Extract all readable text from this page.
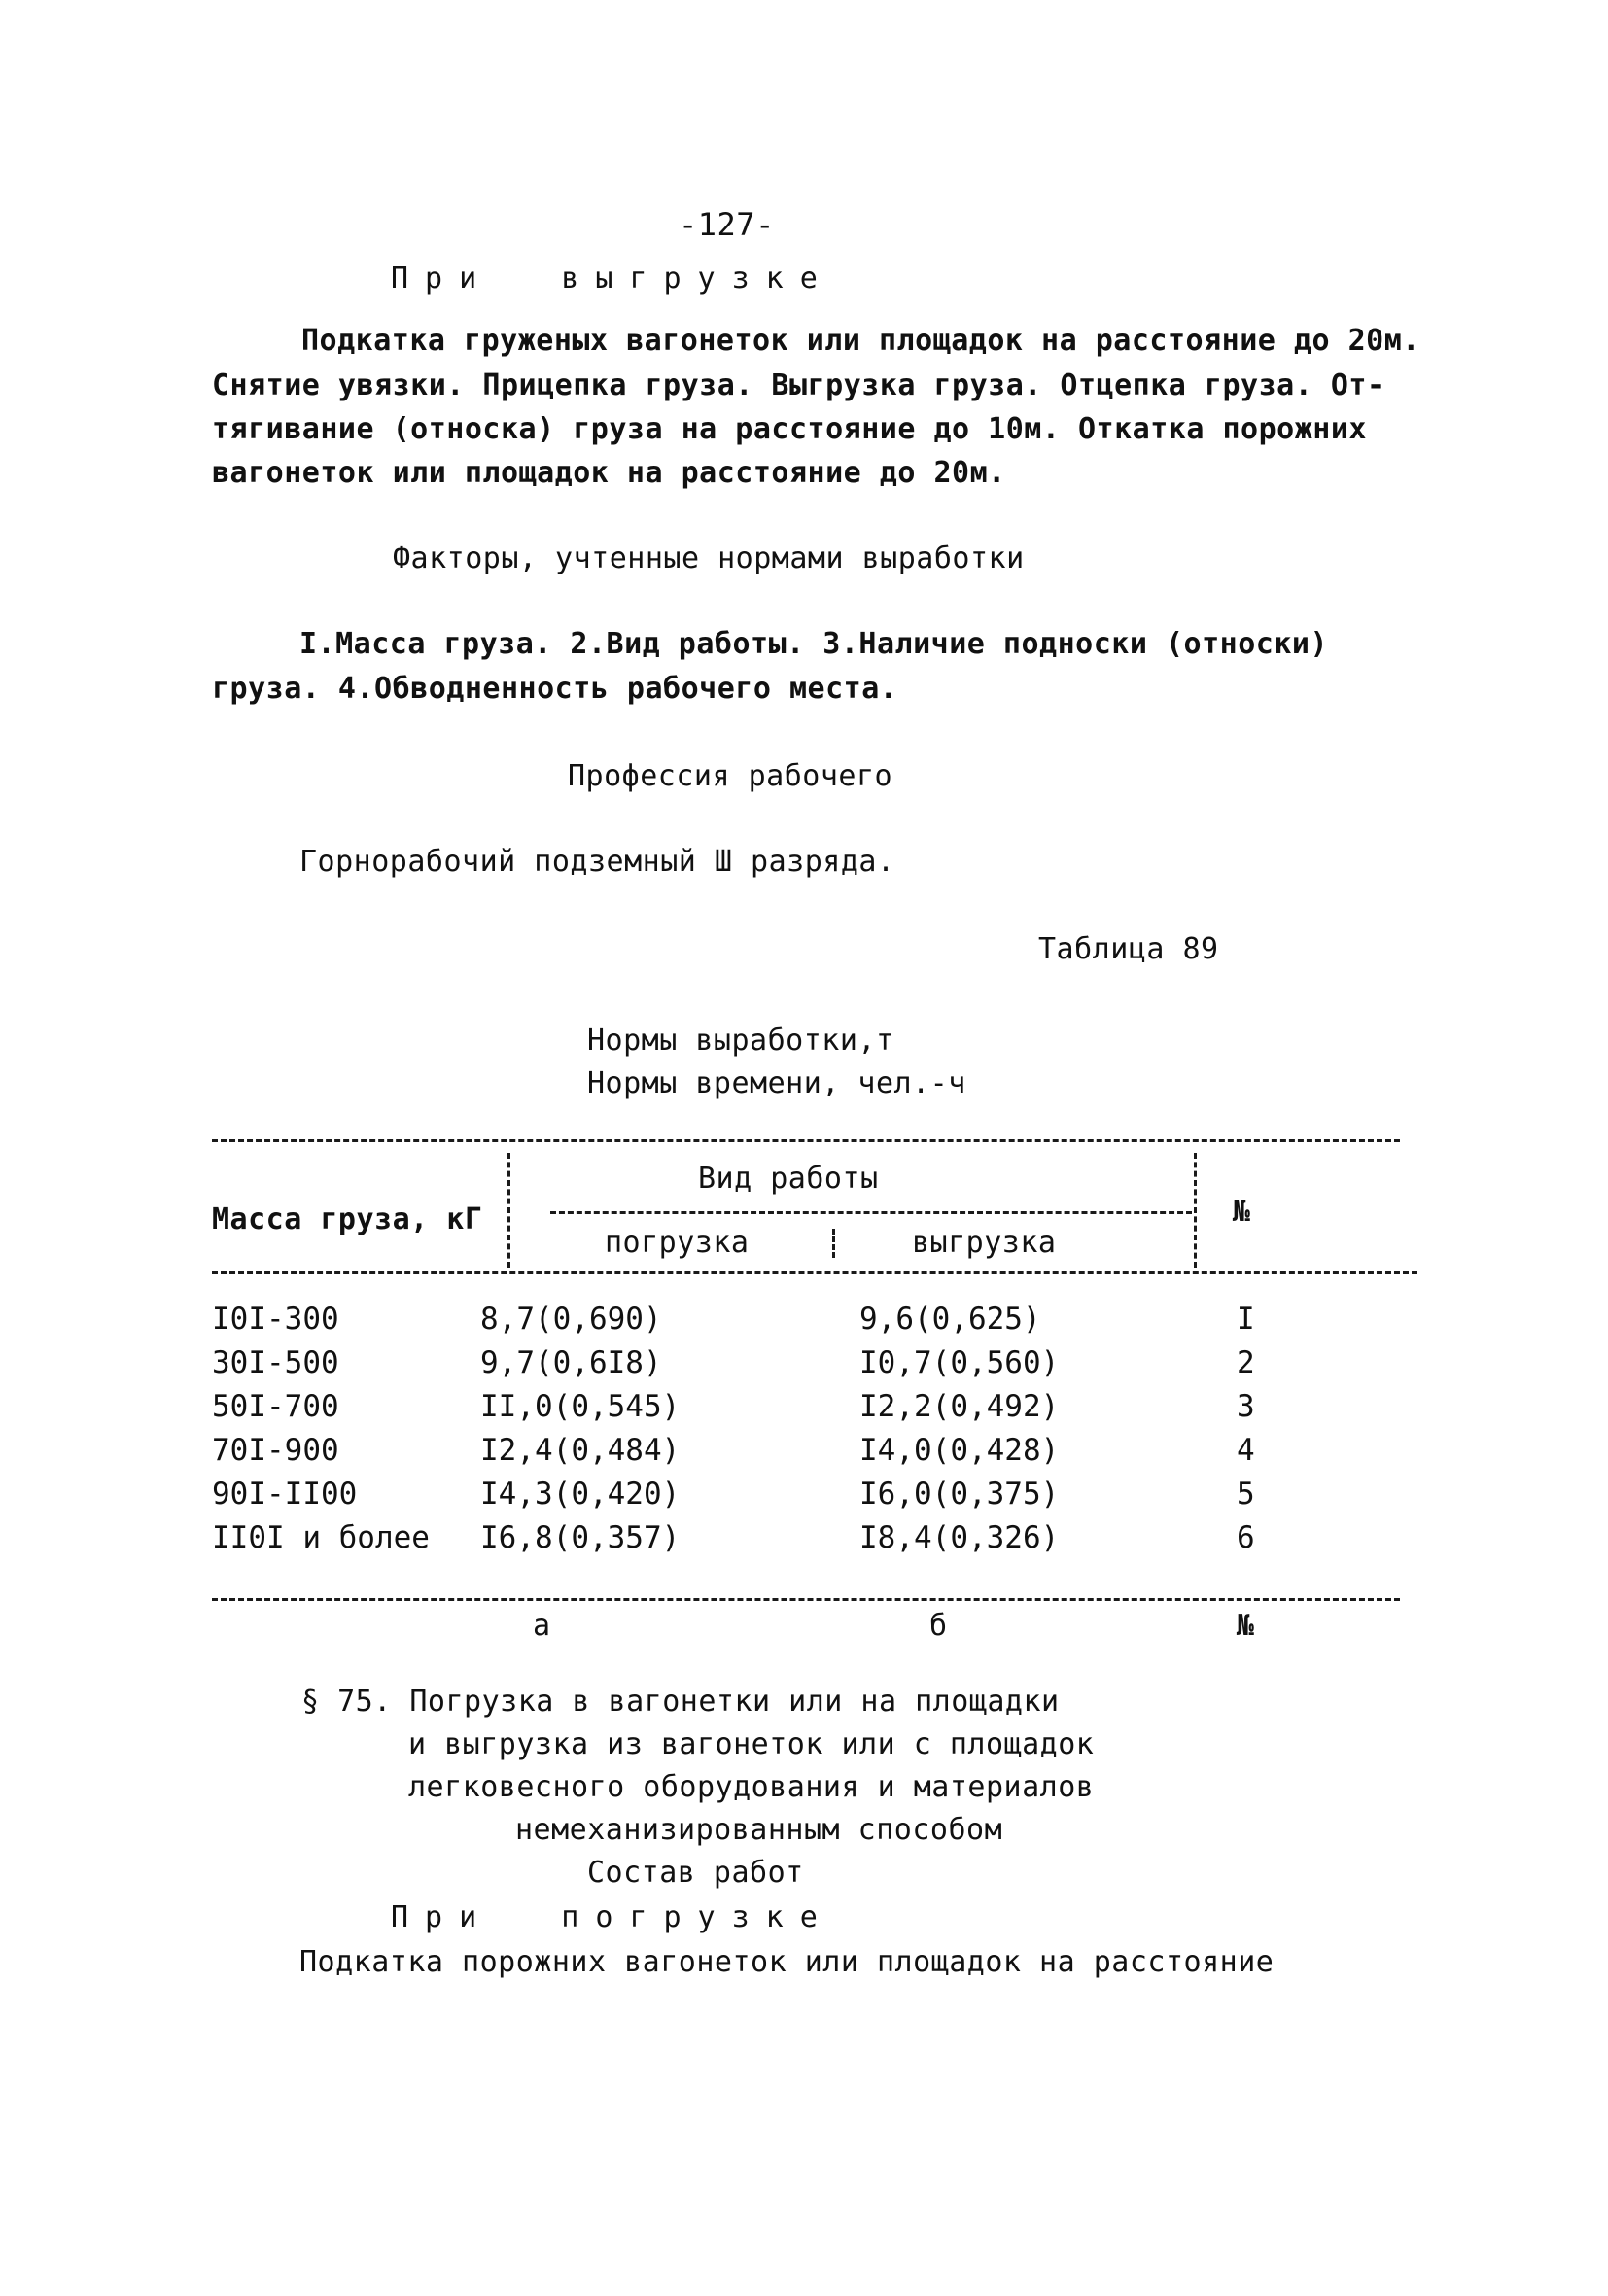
-127-
При  выгрузке
Подкатка груженых вагонеток или площадок на расстояние до 20м.
Снятие увязки. Прицепка груза. Выгрузка груза. Отцепка груза. От-
тягивание (относка) груза на расстояние до 10м. Откатка порожних
вагонеток или площадок на расстояние до 20м.
Факторы, учтенные нормами выработки
I.Масса груза. 2.Вид работы. 3.Наличие подноски (относки)
груза. 4.Обводненность рабочего места.
Профессия рабочего
Горнорабочий подземный Ш разряда.
Таблица 89
Нормы выработки,т
Нормы времени, чел.-ч
Вид работы
Масса груза, кГ	№
погрузка	выгрузка
I0I-300	8,7(0,690)	9,6(0,625)	I
30I-500	9,7(0,6I8)	I0,7(0,560)	2
50I-700	II,0(0,545)	I2,2(0,492)	3
70I-900	I2,4(0,484)	I4,0(0,428)	4
90I-II00	I4,3(0,420)	I6,0(0,375)	5
II0I и более I6,8(0,357)	I8,4(0,326)	6
а	б	№
§ 75. Погрузка в вагонетки или на площадки
и выгрузка из вагонеток или с площадок
легковесного оборудования и материалов
немеханизированным способом
Состав работ
При  погрузке
Подкатка порожних вагонеток или площадок на расстояние
